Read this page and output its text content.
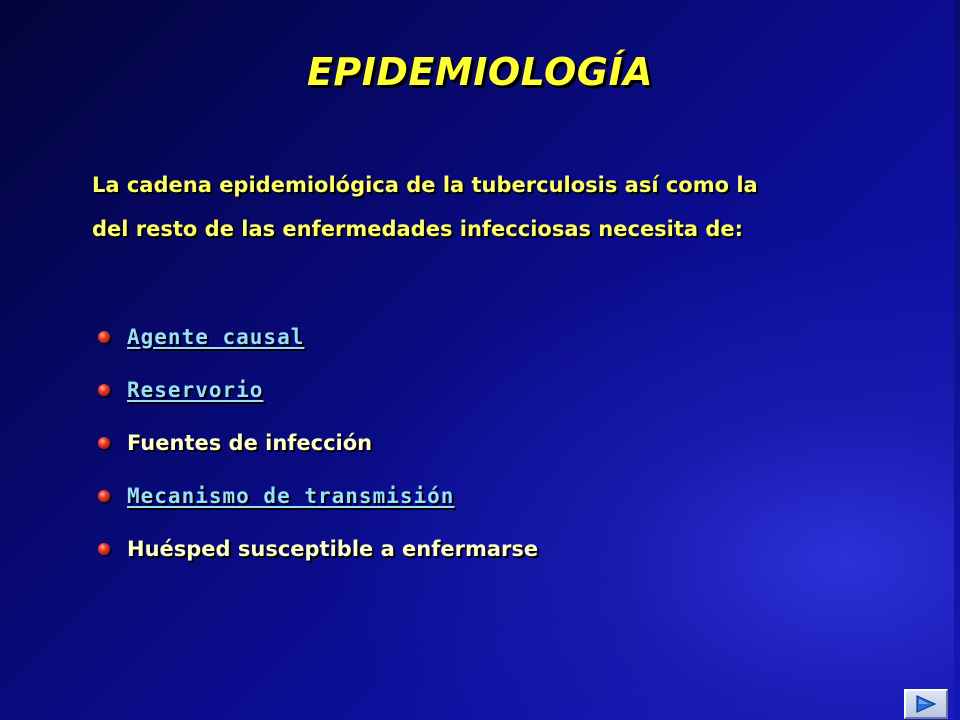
EPIDEMIOLOGÍA
La cadena epidemiológica de la tuberculosis así como la
del resto de las enfermedades infecciosas necesita de:
Agente causal
Reservorio
Fuentes de infección
Mecanismo de transmisión
Huésped susceptible a enfermarse
